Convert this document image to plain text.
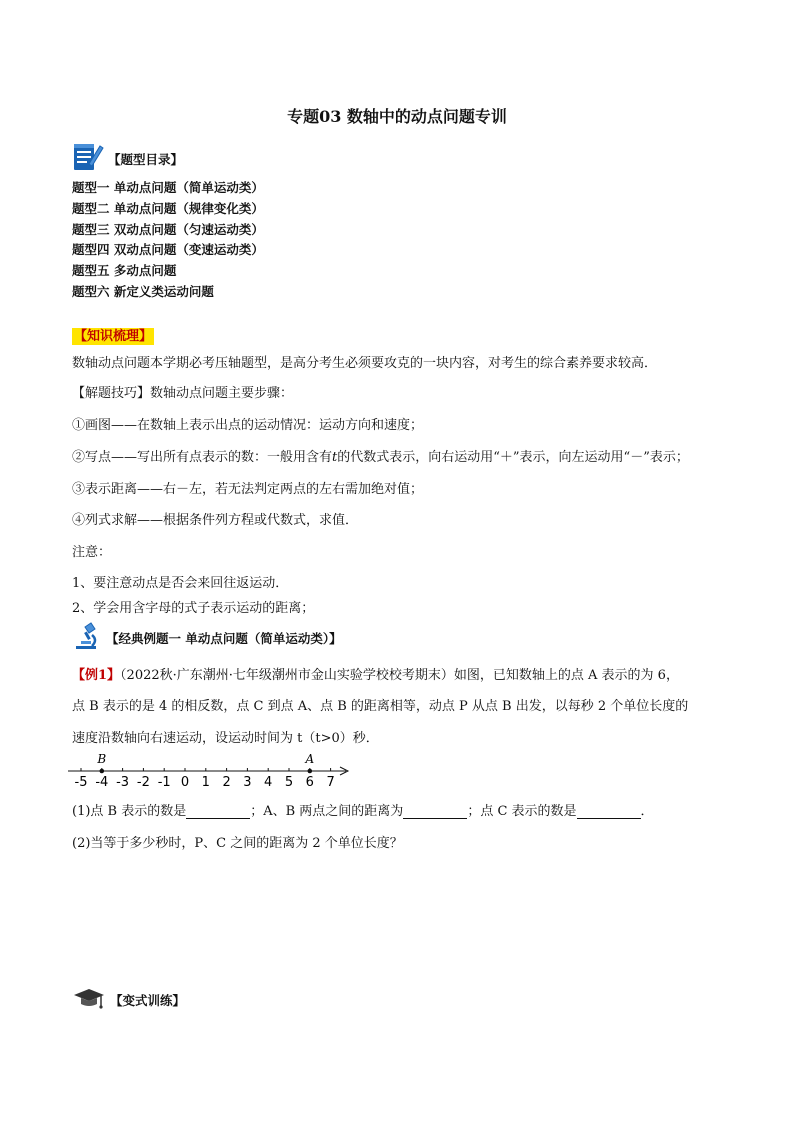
专题03 数轴中的动点问题专训
【题型目录】
题型一 单动点问题（简单运动类）
题型二 单动点问题（规律变化类）
题型三 双动点问题（匀速运动类）
题型四 双动点问题（变速运动类）
题型五 多动点问题
题型六 新定义类运动问题
【知识梳理】
数轴动点问题本学期必考压轴题型，是高分考生必须要攻克的一块内容，对考生的综合素养要求较高．
【解题技巧】数轴动点问题主要步骤：
①画图——在数轴上表示出点的运动情况：运动方向和速度；
②写点——写出所有点表示的数：一般用含有t的代数式表示，向右运动用“＋”表示，向左运动用“－”表示；
③表示距离——右－左，若无法判定两点的左右需加绝对值；
④列式求解——根据条件列方程或代数式，求值．
注意：
1、要注意动点是否会来回往返运动．
2、学会用含字母的式子表示运动的距离；
【经典例题一 单动点问题（简单运动类）】
【例1】（2022秋·广东潮州·七年级潮州市金山实验学校校考期末）如图，已知数轴上的点 A 表示的为 6，
点 B 表示的是 4 的相反数，点 C 到点 A、点 B 的距离相等，动点 P 从点 B 出发，以每秒 2 个单位长度的
速度沿数轴向右速运动，设运动时间为 t（t>0）秒．
-5 -4 -3 -2 -1 0 1 2 3 4 5 6 7
B	A
(1)点 B 表示的数是	；A、B 两点之间的距离为	；点 C 表示的数是	．
(2)当等于多少秒时，P、C 之间的距离为 2 个单位长度？
【变式训练】
